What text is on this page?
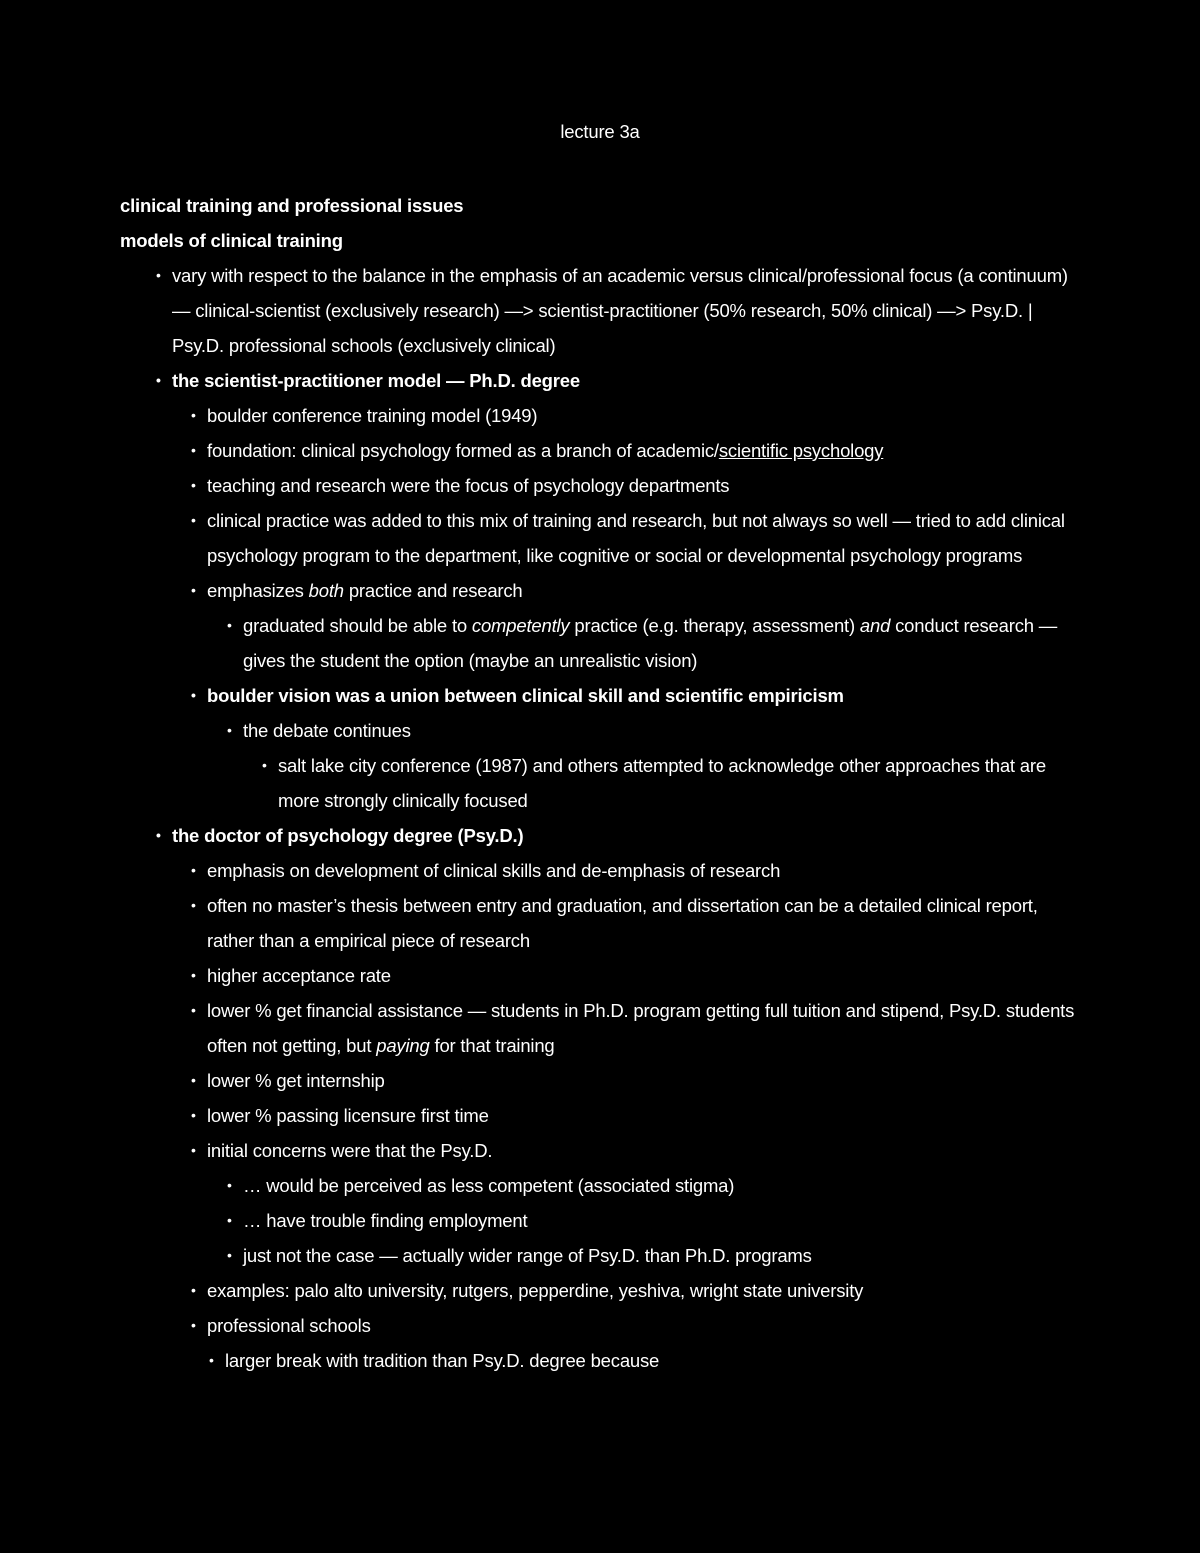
lecture 3a
clinical training and professional issues
models of clinical training
• vary with respect to the balance in the emphasis of an academic versus clinical/professional focus (a continuum) — clinical-scientist (exclusively research) —> scientist-practitioner (50% research, 50% clinical) —> Psy.D. | Psy.D. professional schools (exclusively clinical)
• the scientist-practitioner model — Ph.D. degree
• boulder conference training model (1949)
• foundation: clinical psychology formed as a branch of academic/scientific psychology
• teaching and research were the focus of psychology departments
• clinical practice was added to this mix of training and research, but not always so well — tried to add clinical psychology program to the department, like cognitive or social or developmental psychology programs
• emphasizes both practice and research
• graduated should be able to competently practice (e.g. therapy, assessment) and conduct research — gives the student the option (maybe an unrealistic vision)
• boulder vision was a union between clinical skill and scientific empiricism
• the debate continues
• salt lake city conference (1987) and others attempted to acknowledge other approaches that are more strongly clinically focused
• the doctor of psychology degree (Psy.D.)
• emphasis on development of clinical skills and de-emphasis of research
• often no master’s thesis between entry and graduation, and dissertation can be a detailed clinical report, rather than a empirical piece of research
• higher acceptance rate
• lower % get financial assistance — students in Ph.D. program getting full tuition and stipend, Psy.D. students often not getting, but paying for that training
• lower % get internship
• lower % passing licensure first time
• initial concerns were that the Psy.D.
• … would be perceived as less competent (associated stigma)
• … have trouble finding employment
• just not the case — actually wider range of Psy.D. than Ph.D. programs
• examples: palo alto university, rutgers, pepperdine, yeshiva, wright state university
• professional schools
• larger break with tradition than Psy.D. degree because
